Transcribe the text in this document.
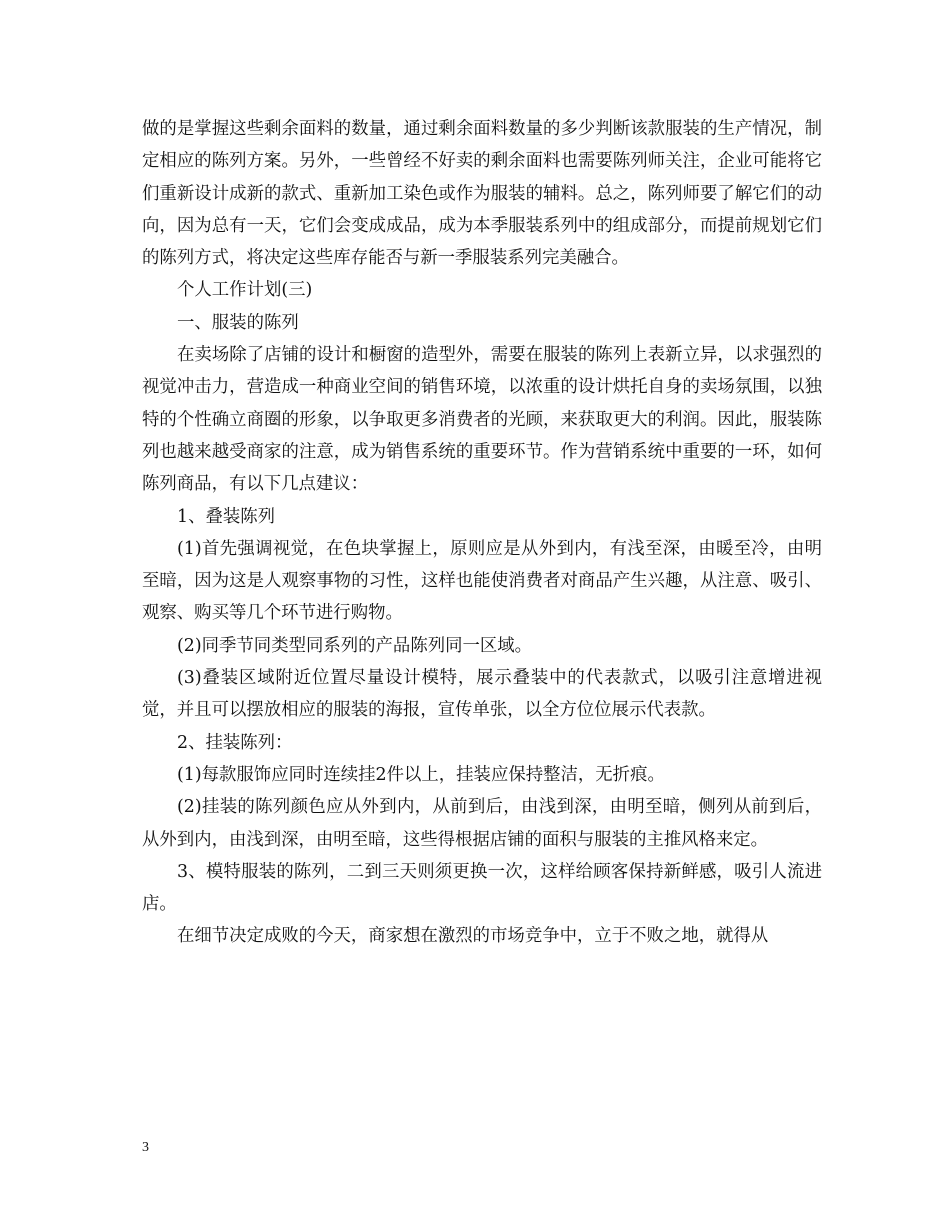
做的是掌握这些剩余面料的数量，通过剩余面料数量的多少判断该款服装的生产情况，制定相应的陈列方案。另外，一些曾经不好卖的剩余面料也需要陈列师关注，企业可能将它们重新设计成新的款式、重新加工染色或作为服装的辅料。总之，陈列师要了解它们的动向，因为总有一天，它们会变成成品，成为本季服装系列中的组成部分，而提前规划它们的陈列方式，将决定这些库存能否与新一季服装系列完美融合。

个人工作计划(三)

一、服装的陈列

在卖场除了店铺的设计和橱窗的造型外，需要在服装的陈列上表新立异，以求强烈的视觉冲击力，营造成一种商业空间的销售环境，以浓重的设计烘托自身的卖场氛围，以独特的个性确立商圈的形象，以争取更多消费者的光顾，来获取更大的利润。因此，服装陈列也越来越受商家的注意，成为销售系统的重要环节。作为营销系统中重要的一环，如何陈列商品，有以下几点建议：

1、叠装陈列

(1)首先强调视觉，在色块掌握上，原则应是从外到内，有浅至深，由暖至冷，由明至暗，因为这是人观察事物的习性，这样也能使消费者对商品产生兴趣，从注意、吸引、观察、购买等几个环节进行购物。

(2)同季节同类型同系列的产品陈列同一区域。

(3)叠装区域附近位置尽量设计模特，展示叠装中的代表款式，以吸引注意增进视觉，并且可以摆放相应的服装的海报，宣传单张，以全方位位展示代表款。

2、挂装陈列：

(1)每款服饰应同时连续挂2件以上，挂装应保持整洁，无折痕。

(2)挂装的陈列颜色应从外到内，从前到后，由浅到深，由明至暗，侧列从前到后，从外到内，由浅到深，由明至暗，这些得根据店铺的面积与服装的主推风格来定。

3、模特服装的陈列，二到三天则须更换一次，这样给顾客保持新鲜感，吸引人流进店。

在细节决定成败的今天，商家想在激烈的市场竞争中，立于不败之地，就得从

3
